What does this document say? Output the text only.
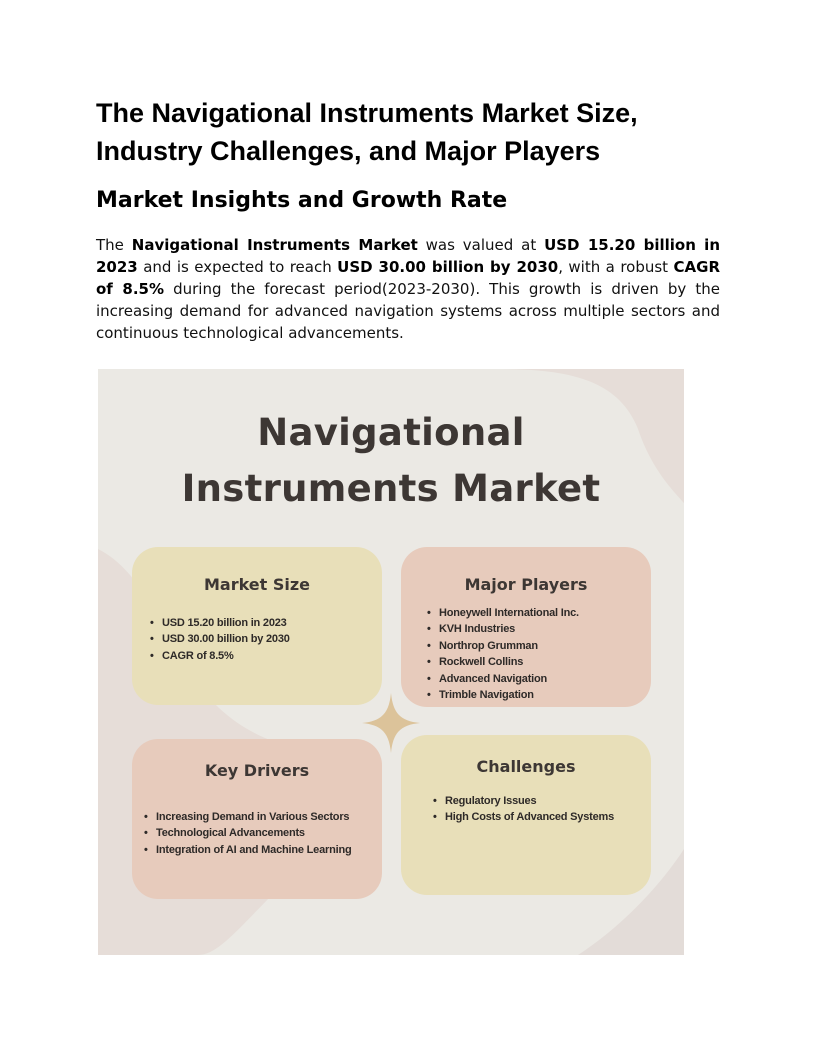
The Navigational Instruments Market Size, Industry Challenges, and Major Players
Market Insights and Growth Rate

The Navigational Instruments Market was valued at USD 15.20 billion in 2023 and is expected to reach USD 30.00 billion by 2030, with a robust CAGR of 8.5% during the forecast period(2023-2030). This growth is driven by the increasing demand for advanced navigation systems across multiple sectors and continuous technological advancements.

Navigational
Instruments Market
Market Size
• USD 15.20 billion in 2023
• USD 30.00 billion by 2030
• CAGR of 8.5%
Major Players
• Honeywell International Inc.
• KVH Industries
• Northrop Grumman
• Rockwell Collins
• Advanced Navigation
• Trimble Navigation
Key Drivers
• Increasing Demand in Various Sectors
• Technological Advancements
• Integration of AI and Machine Learning
Challenges
• Regulatory Issues
• High Costs of Advanced Systems
